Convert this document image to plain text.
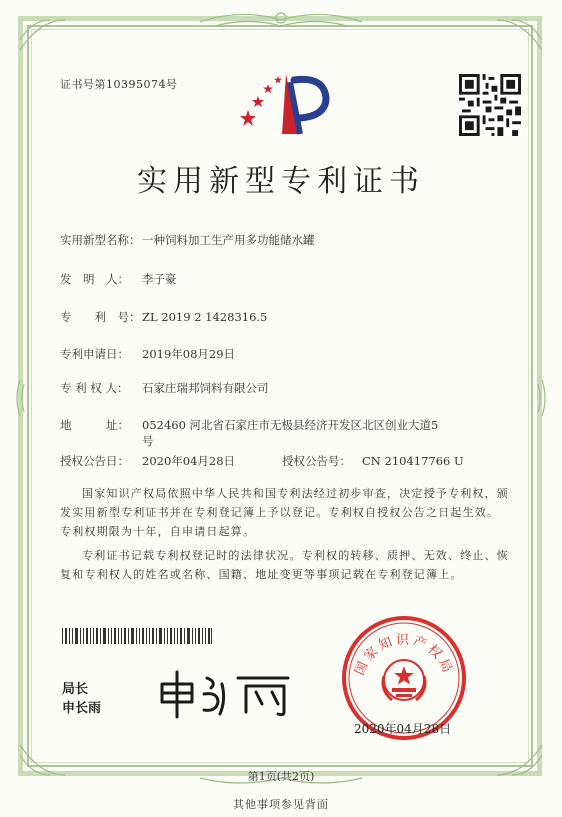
证书号第10395074号
实用新型专利证书
实用新型名称： 一种饲料加工生产用多功能储水罐
发　明　人： 李子豪
专　　利　号： ZL 2019 2 1428316.5
专利申请日： 2019年08月29日
专 利 权 人： 石家庄瑞邦饲料有限公司
地　　　址： 052460 河北省石家庄市无极县经济开发区北区创业大道5
号
授权公告日： 2020年04月28日	授权公告号： CN 210417766 U
国家知识产权局依照中华人民共和国专利法经过初步审查，决定授予专利权，颁发实用新型专利证书并在专利登记簿上予以登记。专利权自授权公告之日起生效。专利权期限为十年，自申请日起算。
专利证书记载专利权登记时的法律状况。专利权的转移、质押、无效、终止、恢复和专利权人的姓名或名称、国籍、地址变更等事项记载在专利登记簿上。
局长
申长雨
国家知识产权局
2020年04月28日
第1页(共2页)
其他事项参见背面
